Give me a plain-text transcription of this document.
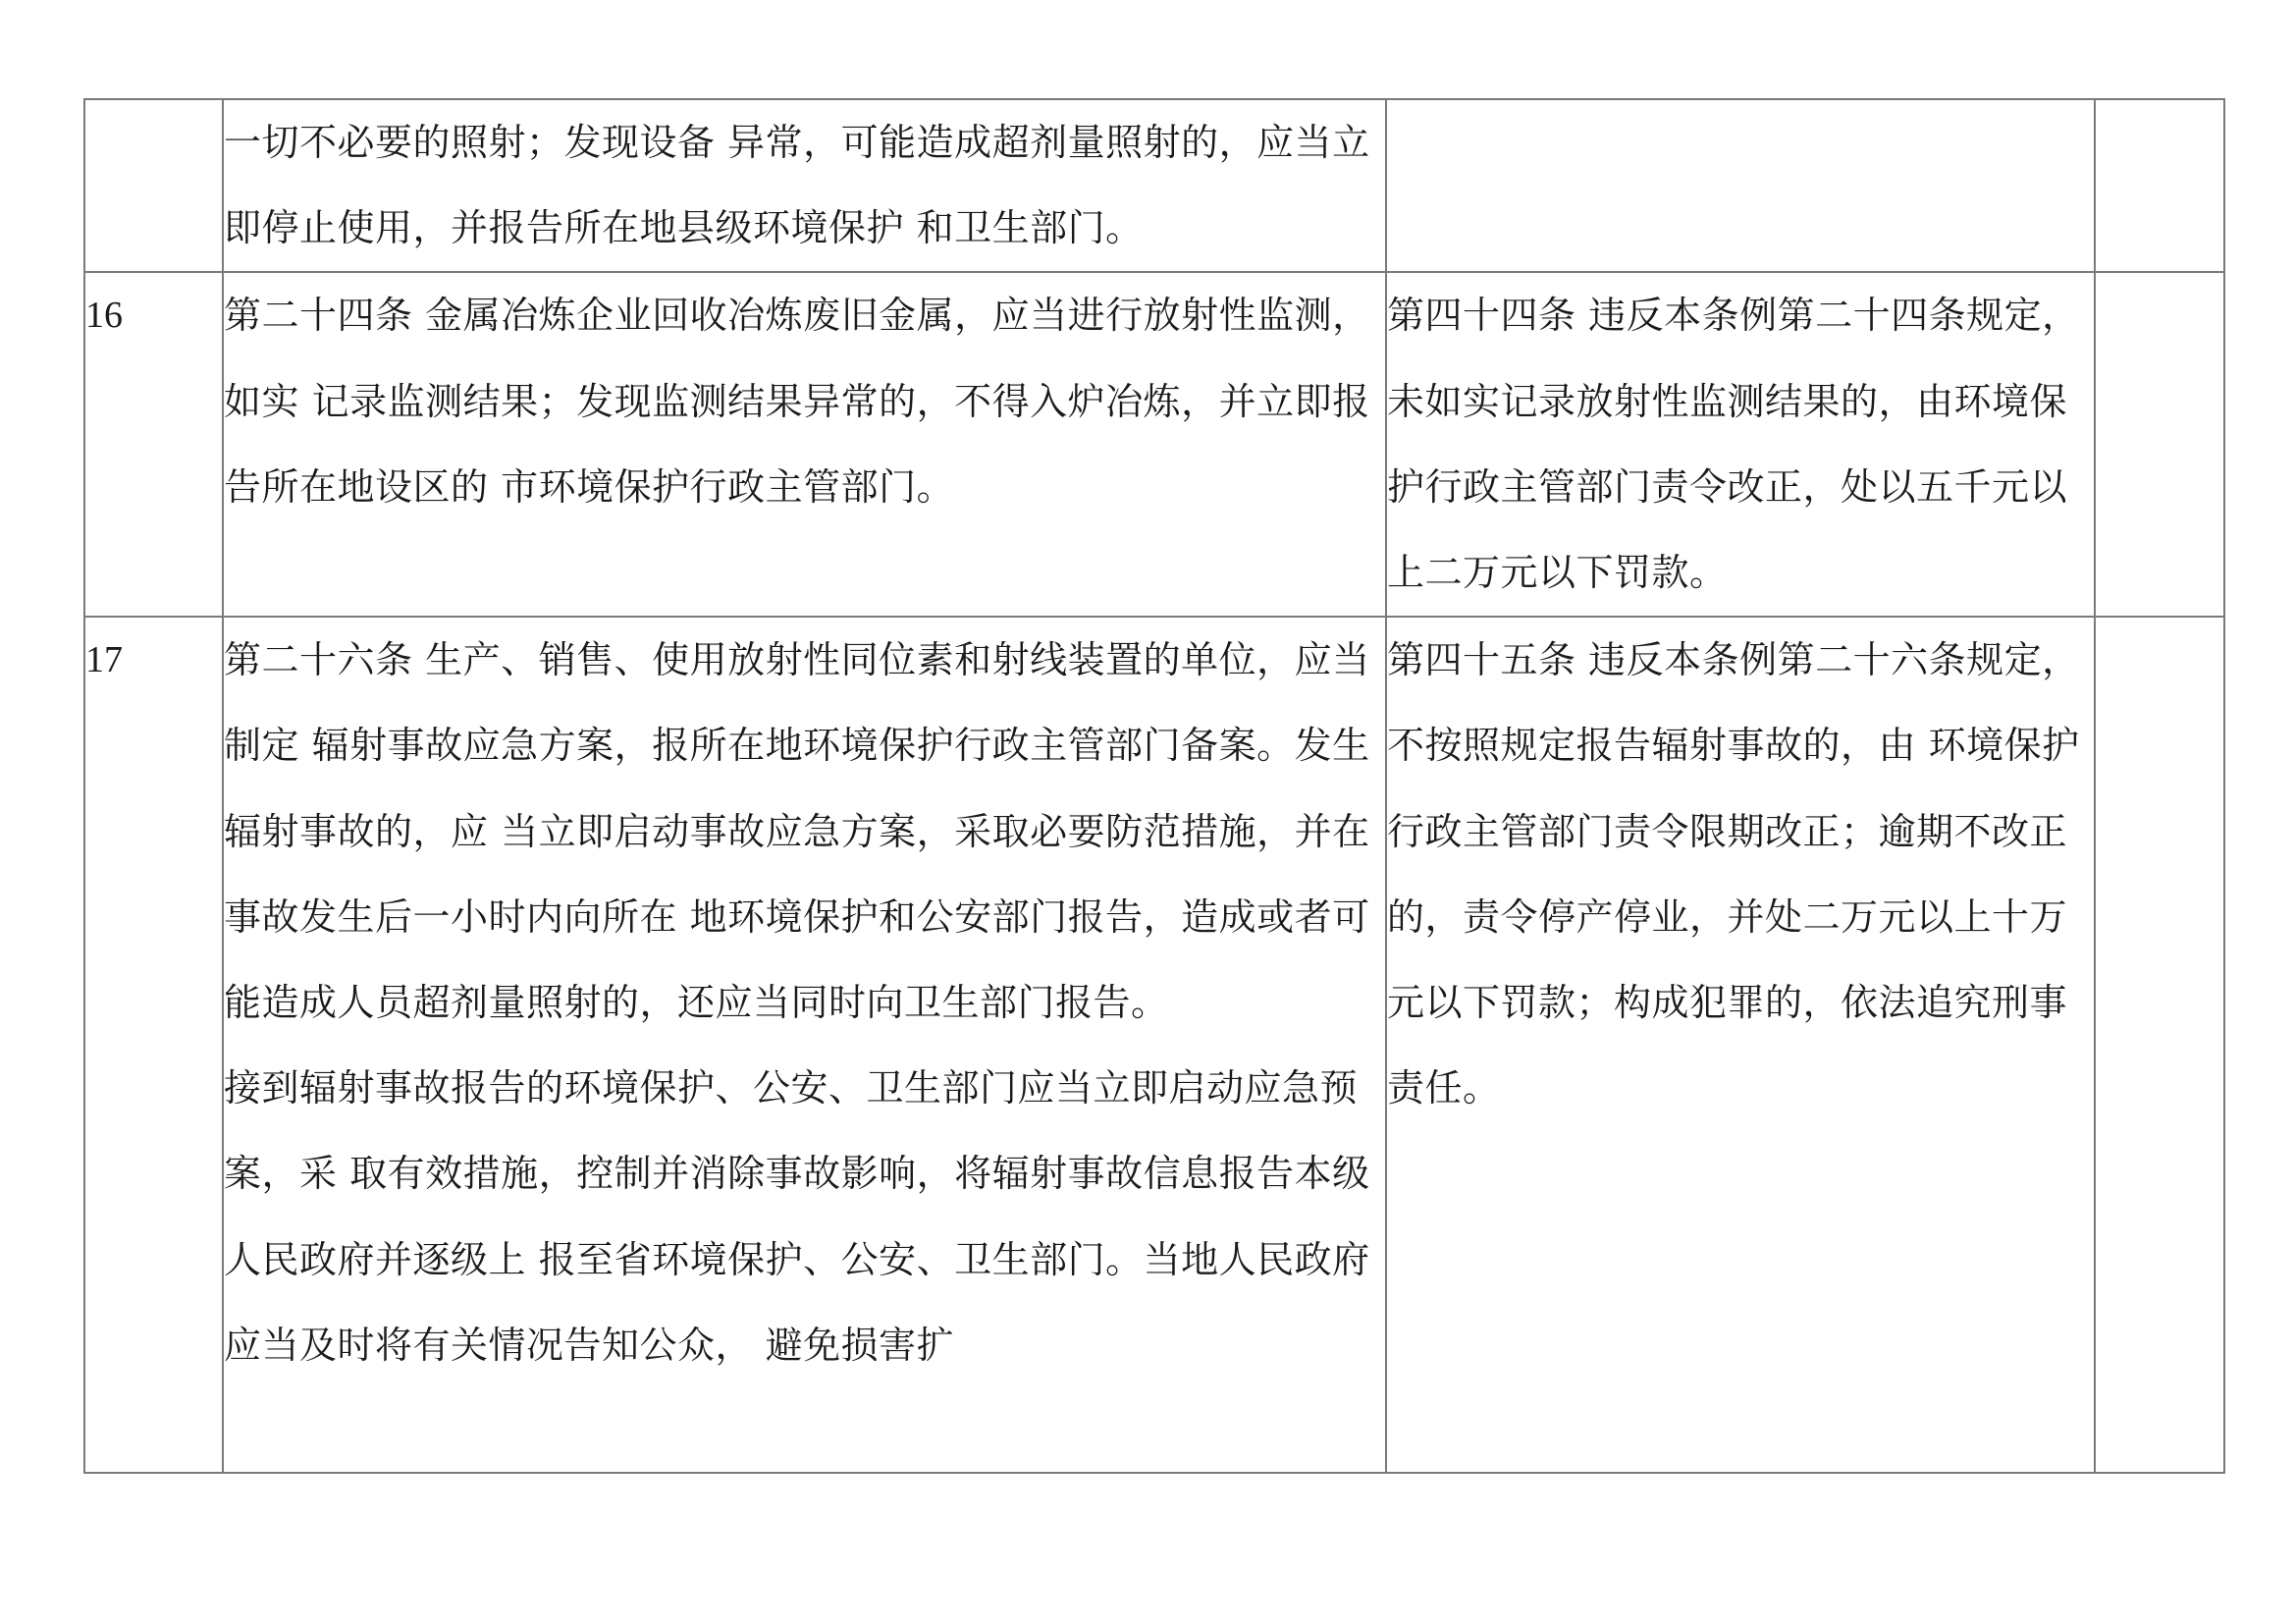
	一切不必要的照射；发现设备 异常，可能造成超剂量照射的，应当立即停止使用，并报告所在地县级环境保护 和卫生部门。		

16	第二十四条 金属冶炼企业回收冶炼废旧金属，应当进行放射性监测，如实 记录监测结果；发现监测结果异常的，不得入炉冶炼，并立即报告所在地设区的 市环境保护行政主管部门。	第四十四条 违反本条例第二十四条规定，未如实记录放射性监测结果的，由环境保护行政主管部门责令改正，处以五千元以上二万元以下罚款。	
17	第二十六条 生产、销售、使用放射性同位素和射线装置的单位，应当制定 辐射事故应急方案，报所在地环境保护行政主管部门备案。发生辐射事故的，应 当立即启动事故应急方案，采取必要防范措施，并在事故发生后一小时内向所在 地环境保护和公安部门报告，造成或者可能造成人员超剂量照射的，还应当同时向卫生部门报告。

接到辐射事故报告的环境保护、公安、卫生部门应当立即启动应急预案，采 取有效措施，控制并消除事故影响，将辐射事故信息报告本级人民政府并逐级上 报至省环境保护、公安、卫生部门。当地人民政府应当及时将有关情况告知公众， 避免损害扩	第四十五条 违反本条例第二十六条规定，不按照规定报告辐射事故的，由 环境保护行政主管部门责令限期改正；逾期不改正的，责令停产停业，并处二万元以上十万元以下罚款；构成犯罪的，依法追究刑事责任。	
